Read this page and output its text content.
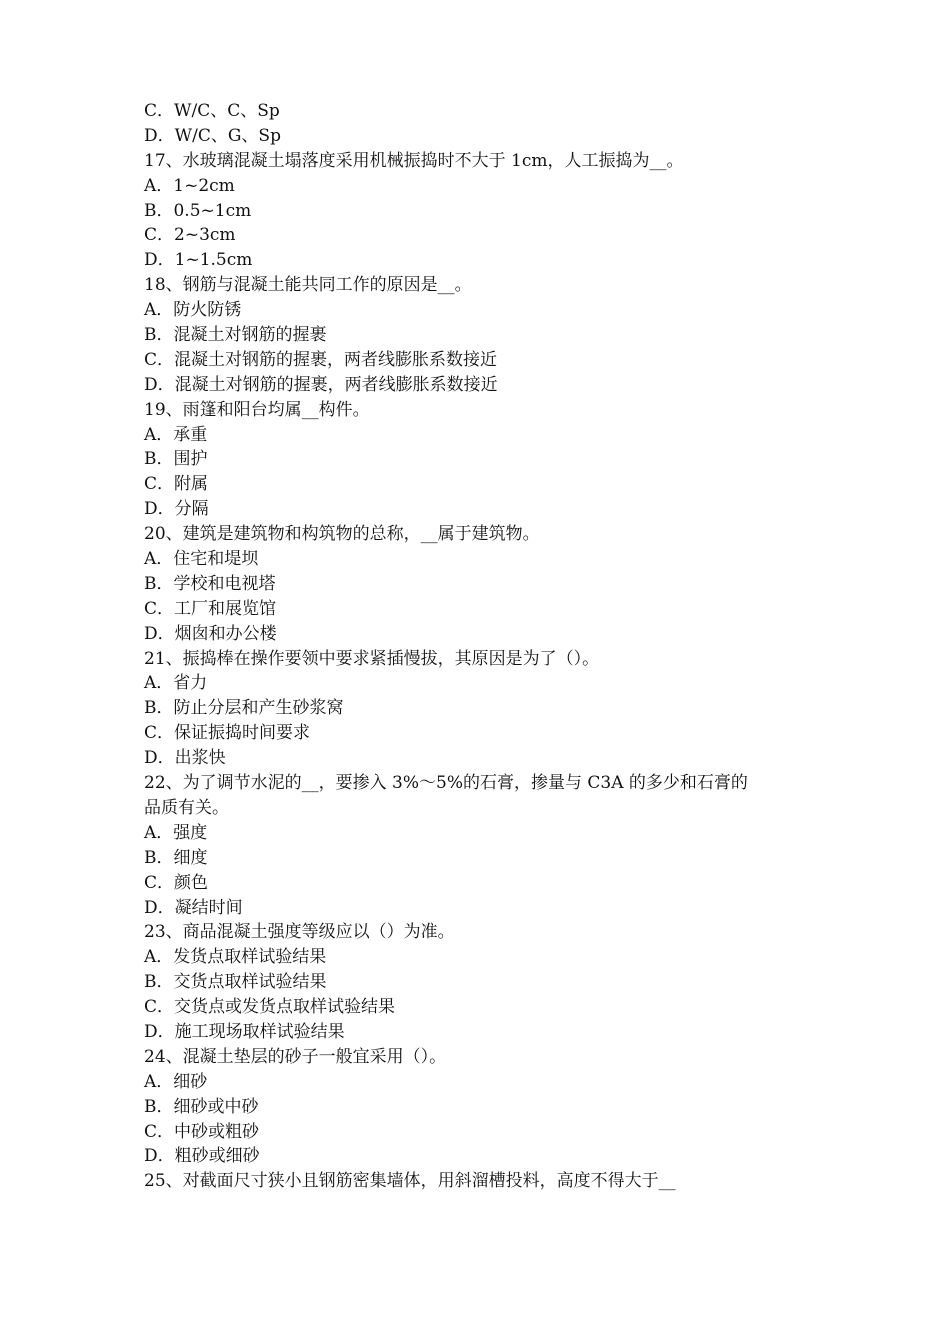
C．W/C、C、Sp
D．W/C、G、Sp
17、水玻璃混凝土塌落度采用机械振捣时不大于 1cm，人工振捣为__。
A．1~2cm
B．0.5~1cm
C．2~3cm
D．1~1.5cm
18、钢筋与混凝土能共同工作的原因是__。
A．防火防锈
B．混凝土对钢筋的握裹
C．混凝土对钢筋的握裹，两者线膨胀系数接近
D．混凝土对钢筋的握裹，两者线膨胀系数接近
19、雨篷和阳台均属__构件。
A．承重
B．围护
C．附属
D．分隔
20、建筑是建筑物和构筑物的总称，__属于建筑物。
A．住宅和堤坝
B．学校和电视塔
C．工厂和展览馆
D．烟囱和办公楼
21、振捣棒在操作要领中要求紧插慢拔，其原因是为了（）。
A．省力
B．防止分层和产生砂浆窝
C．保证振捣时间要求
D．出浆快
22、为了调节水泥的__，要掺入 3%～5%的石膏，掺量与 C3A 的多少和石膏的
品质有关。
A．强度
B．细度
C．颜色
D．凝结时间
23、商品混凝土强度等级应以（）为准。
A．发货点取样试验结果
B．交货点取样试验结果
C．交货点或发货点取样试验结果
D．施工现场取样试验结果
24、混凝土垫层的砂子一般宜采用（）。
A．细砂
B．细砂或中砂
C．中砂或粗砂
D．粗砂或细砂
25、对截面尺寸狭小且钢筋密集墙体，用斜溜槽投料，高度不得大于__
